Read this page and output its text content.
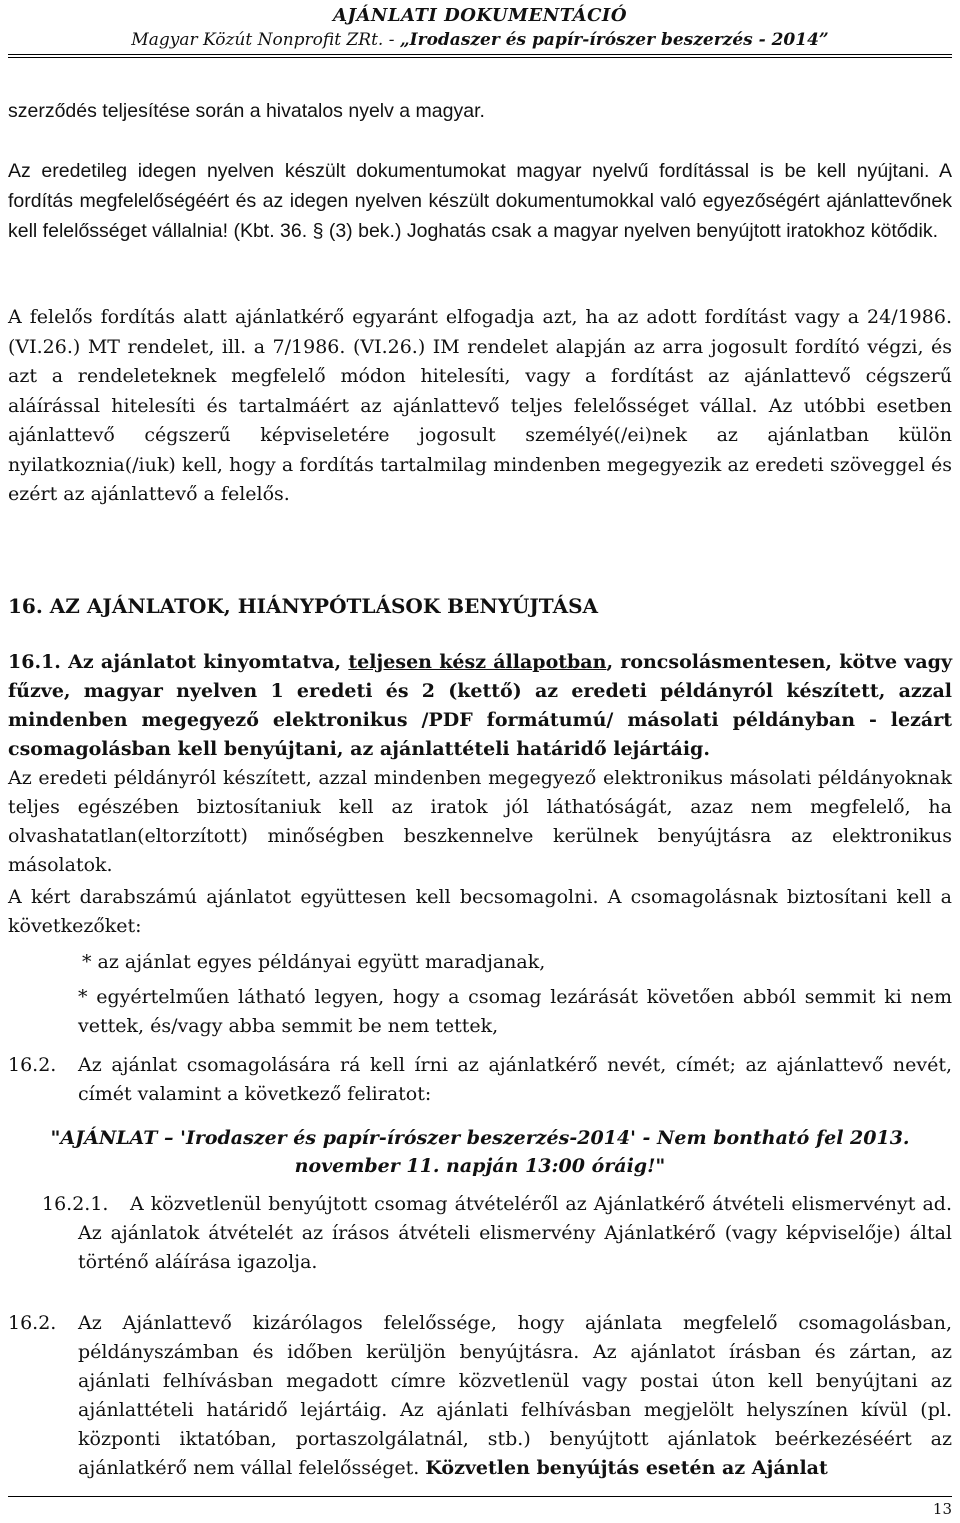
AJÁNLATI DOKUMENTÁCIÓ
Magyar Közút Nonprofit ZRt. - „Irodaszer és papír-írószer beszerzés - 2014”

szerződés teljesítése során a hivatalos nyelv a magyar.

Az eredetileg idegen nyelven készült dokumentumokat magyar nyelvű fordítással is be kell nyújtani. A fordítás megfelelőségéért és az idegen nyelven készült dokumentumokkal való egyezőségért ajánlattevőnek kell felelősséget vállalnia! (Kbt. 36. § (3) bek.) Joghatás csak a magyar nyelven benyújtott iratokhoz kötődik.

A felelős fordítás alatt ajánlatkérő egyaránt elfogadja azt, ha az adott fordítást vagy a 24/1986. (VI.26.) MT rendelet, ill. a 7/1986. (VI.26.) IM rendelet alapján az arra jogosult fordító végzi, és azt a rendeleteknek megfelelő módon hitelesíti, vagy a fordítást az ajánlattevő cégszerű aláírással hitelesíti és tartalmáért az ajánlattevő teljes felelősséget vállal. Az utóbbi esetben ajánlattevő cégszerű képviseletére jogosult személyé(/ei)nek az ajánlatban külön nyilatkoznia(/iuk) kell, hogy a fordítás tartalmilag mindenben megegyezik az eredeti szöveggel és ezért az ajánlattevő a felelős.

16. AZ AJÁNLATOK, HIÁNYPÓTLÁSOK BENYÚJTÁSA

16.1. Az ajánlatot kinyomtatva, teljesen kész állapotban, roncsolásmentesen, kötve vagy fűzve, magyar nyelven 1 eredeti és 2 (kettő) az eredeti példányról készített, azzal mindenben megegyező elektronikus /PDF formátumú/ másolati példányban - lezárt csomagolásban kell benyújtani, az ajánlattételi határidő lejártáig.

Az eredeti példányról készített, azzal mindenben megegyező elektronikus másolati példányoknak teljes egészében biztosítaniuk kell az iratok jól láthatóságát, azaz nem megfelelő, ha olvashatatlan(eltorzított) minőségben beszkennelve kerülnek benyújtásra az elektronikus másolatok.

A kért darabszámú ajánlatot együttesen kell becsomagolni. A csomagolásnak biztosítani kell a következőket:

* az ajánlat egyes példányai együtt maradjanak,

* egyértelműen látható legyen, hogy a csomag lezárását követően abból semmit ki nem vettek, és/vagy abba semmit be nem tettek,

16.2. Az ajánlat csomagolására rá kell írni az ajánlatkérő nevét, címét; az ajánlattevő nevét, címét valamint a következő feliratot:

"AJÁNLAT – 'Irodaszer és papír-írószer beszerzés-2014' - Nem bontható fel 2013.

november 11. napján 13:00 óráig!"

16.2.1.	A közvetlenül benyújtott csomag átvételéről az Ajánlatkérő átvételi elismervényt ad. Az ajánlatok átvételét az írásos átvételi elismervény Ajánlatkérő (vagy képviselője) által történő aláírása igazolja.

16.2. Az Ajánlattevő kizárólagos felelőssége, hogy ajánlata megfelelő csomagolásban, példányszámban és időben kerüljön benyújtásra. Az ajánlatot írásban és zártan, az ajánlati felhívásban megadott címre közvetlenül vagy postai úton kell benyújtani az ajánlattételi határidő lejártáig. Az ajánlati felhívásban megjelölt helyszínen kívül (pl. központi iktatóban, portaszolgálatnál, stb.) benyújtott ajánlatok beérkezéséért az ajánlatkérő nem vállal felelősséget. Közvetlen benyújtás esetén az Ajánlat

13
